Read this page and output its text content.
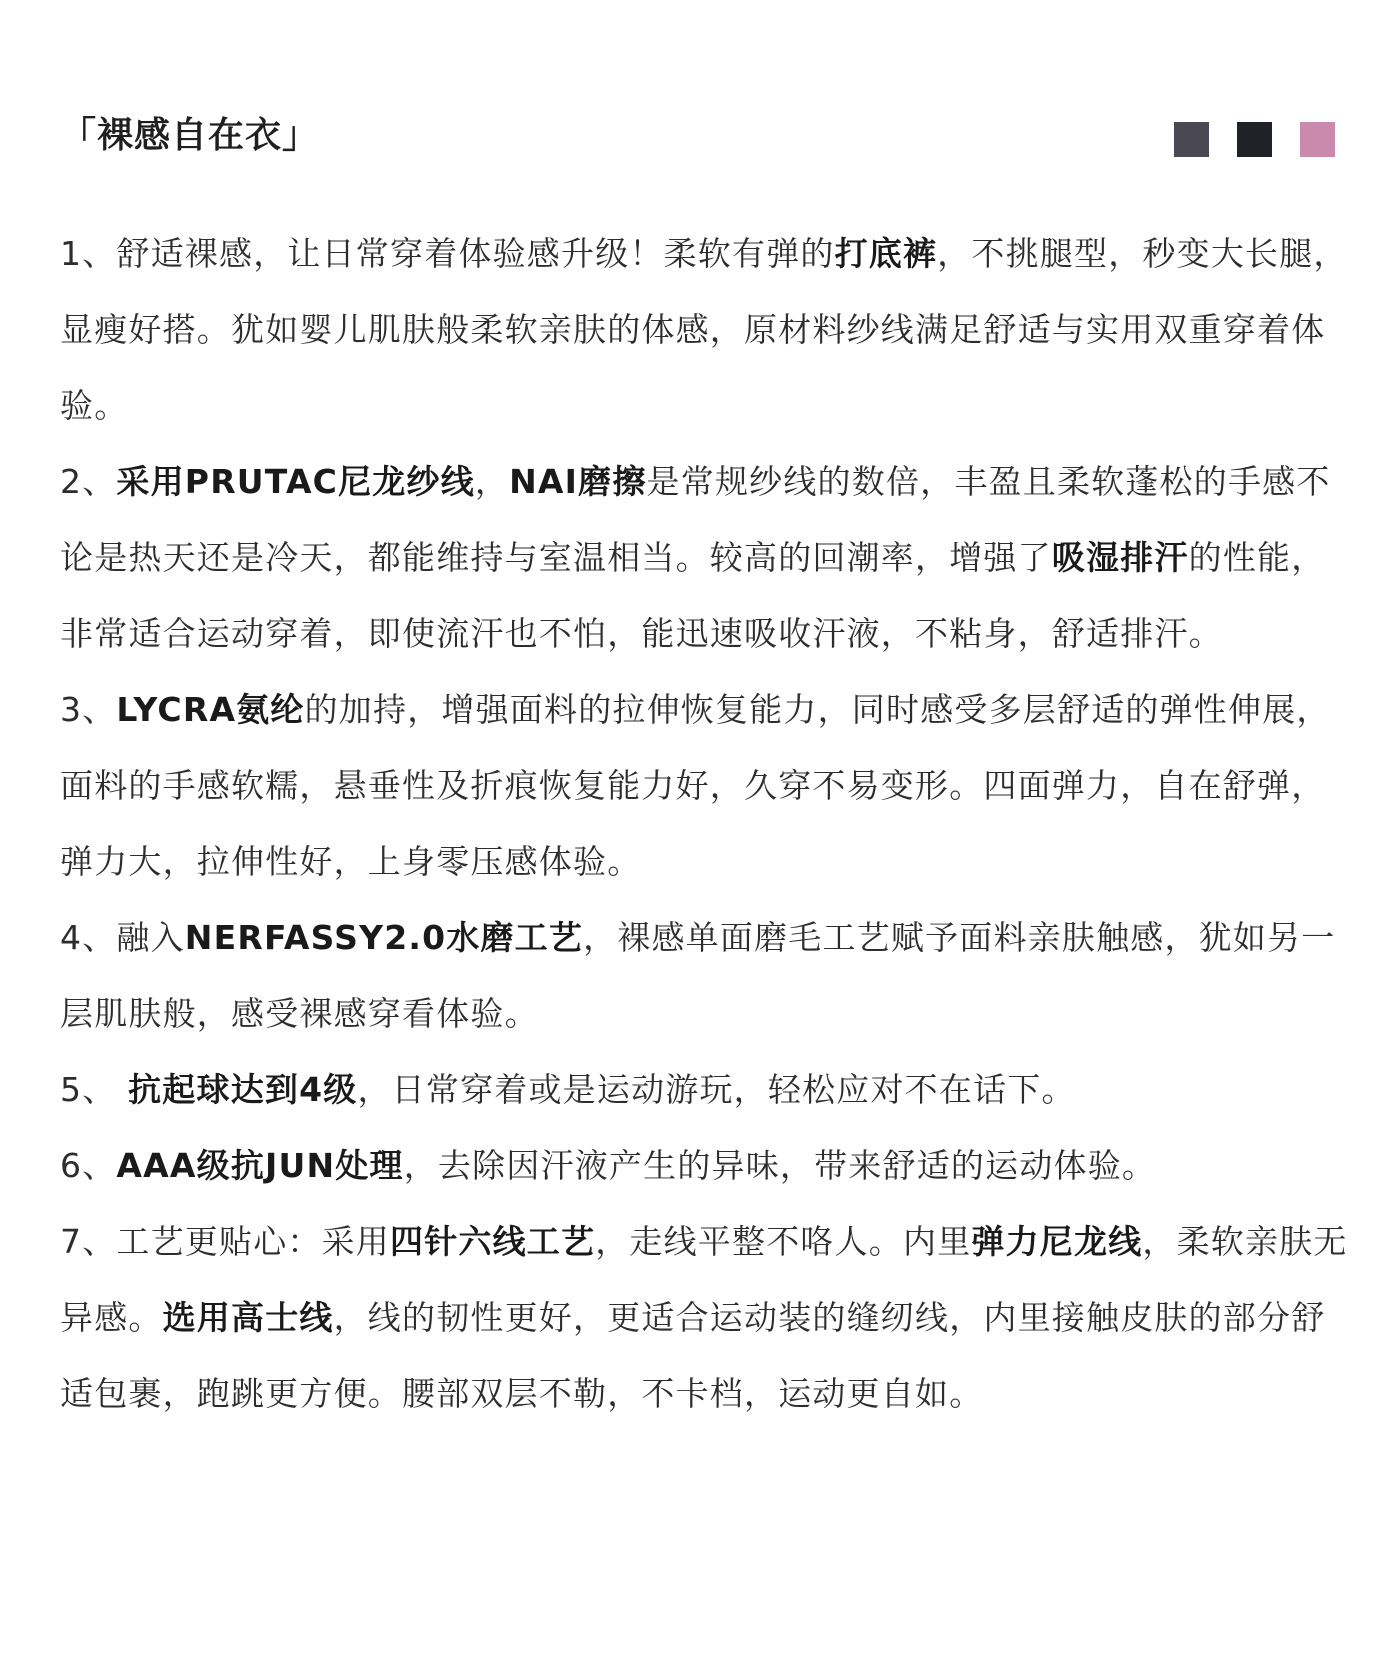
「裸感自在衣」

1、舒适裸感，让日常穿着体验感升级！柔软有弹的打底裤，不挑腿型，秒变大长腿，显瘦好搭。犹如婴儿肌肤般柔软亲肤的体感，原材料纱线满足舒适与实用双重穿着体验。

2、采用PRUTAC尼龙纱线，NAI磨擦是常规纱线的数倍，丰盈且柔软蓬松的手感不论是热天还是冷天，都能维持与室温相当。较高的回潮率，增强了吸湿排汗的性能，非常适合运动穿着，即使流汗也不怕，能迅速吸收汗液，不粘身，舒适排汗。

3、LYCRA氨纶的加持，增强面料的拉伸恢复能力，同时感受多层舒适的弹性伸展，面料的手感软糯，悬垂性及折痕恢复能力好，久穿不易变形。四面弹力，自在舒弹，弹力大，拉伸性好，上身零压感体验。

4、融入NERFASSY2.0水磨工艺，裸感单面磨毛工艺赋予面料亲肤触感，犹如另一层肌肤般，感受裸感穿看体验。

5、 抗起球达到4级，日常穿着或是运动游玩，轻松应对不在话下。

6、AAA级抗JUN处理，去除因汗液产生的异味，带来舒适的运动体验。

7、工艺更贴心：采用四针六线工艺，走线平整不咯人。内里弹力尼龙线，柔软亲肤无异感。选用高士线，线的韧性更好，更适合运动装的缝纫线，内里接触皮肤的部分舒适包裹，跑跳更方便。腰部双层不勒，不卡档，运动更自如。
